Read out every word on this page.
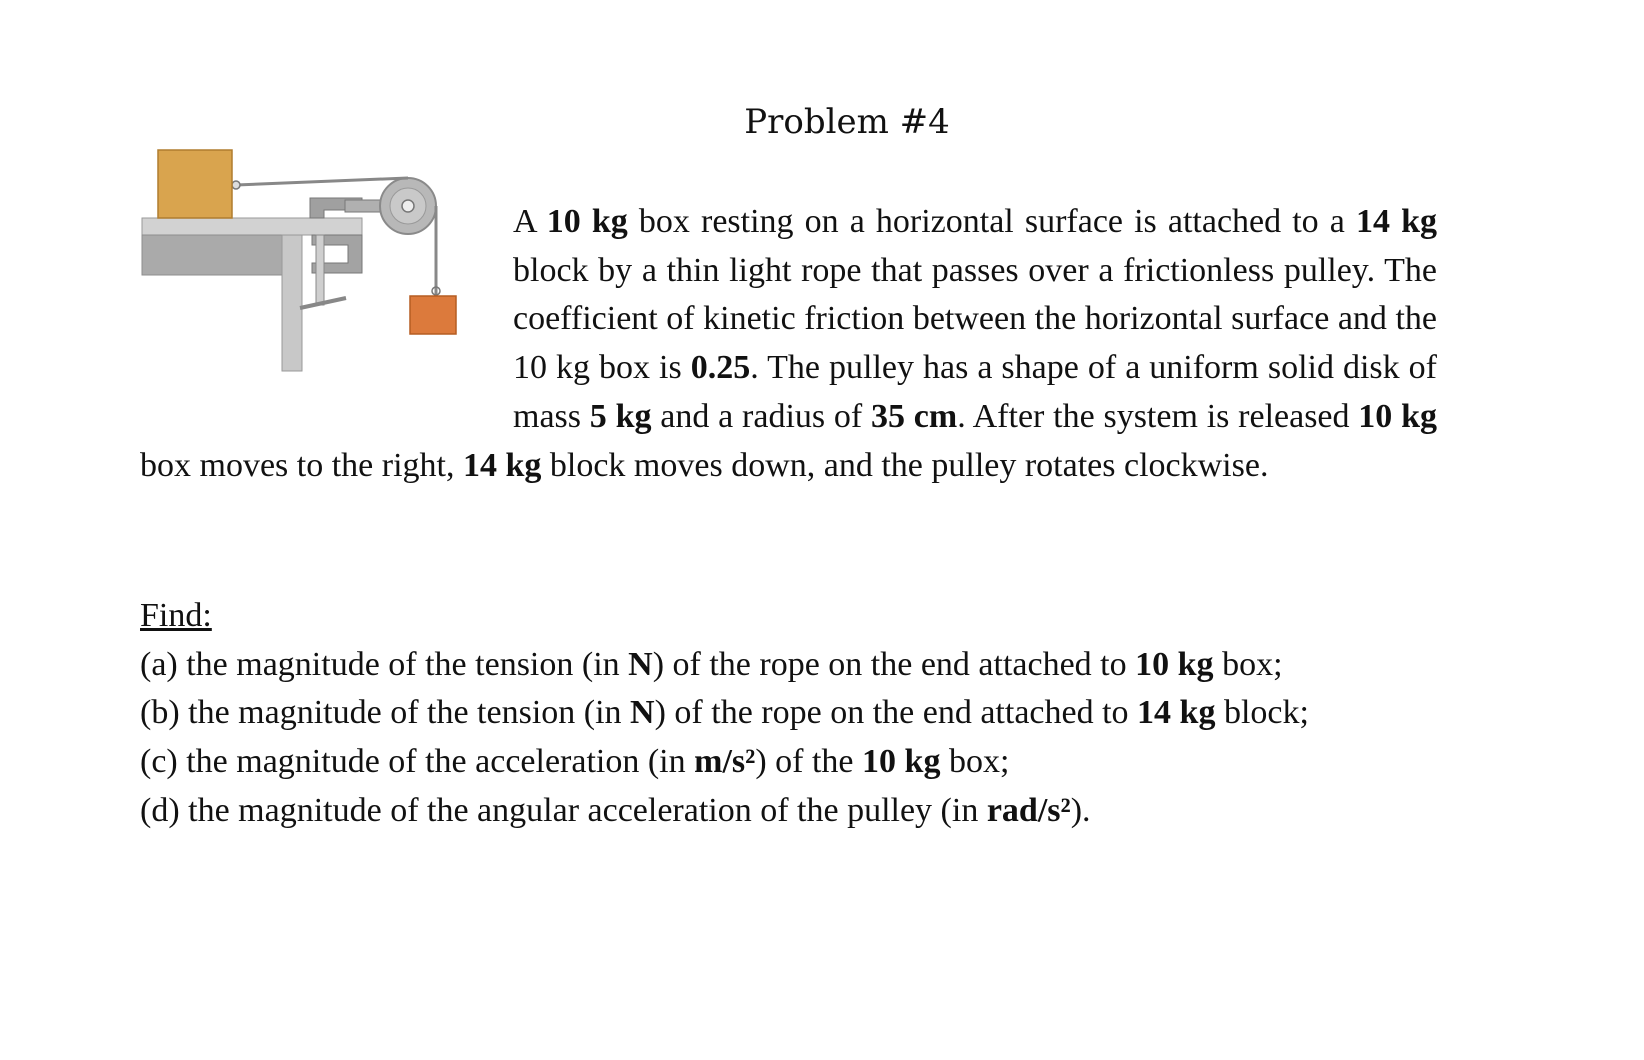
Problem #4

A 10 kg box resting on a horizontal surface is attached to a 14 kg block by a thin light rope that passes over a frictionless pulley. The coefficient of kinetic friction between the horizontal surface and the 10 kg box is 0.25. The pulley has a shape of a uniform solid disk of mass 5 kg and a radius of 35 cm. After the system is released 10 kg box moves to the right, 14 kg block moves down, and the pulley rotates clockwise.

Find:
(a) the magnitude of the tension (in N) of the rope on the end attached to 10 kg box;
(b) the magnitude of the tension (in N) of the rope on the end attached to 14 kg block;
(c) the magnitude of the acceleration (in m/s²) of the 10 kg box;
(d) the magnitude of the angular acceleration of the pulley (in rad/s²).
